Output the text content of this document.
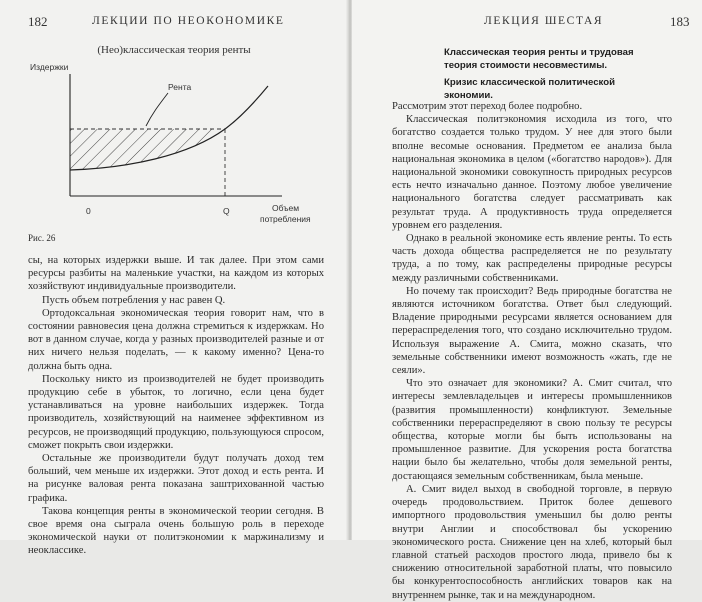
182	ЛЕКЦИИ ПО НЕОКОНОМИКЕ
(Нео)классическая теория ренты
Издержки
Рента
0	Q	Объем
потребления
Рис. 26

сы, на которых издержки выше. И так далее. При этом сами ресурсы разбиты на маленькие участки, на каждом из которых хозяйствуют индивидуальные производители.

Пусть объем потребления у нас равен Q.

Ортодоксальная экономическая теория говорит нам, что в состоянии равновесия цена должна стремиться к издержкам. Но вот в данном случае, когда у разных производителей разные и от них ничего нельзя поделать, — к какому именно? Цена-то должна быть одна.

Поскольку никто из производителей не будет производить продукцию себе в убыток, то логично, если цена будет устанавливаться на уровне наибольших издержек. Тогда производитель, хозяйствующий на наименее эффективном из ресурсов, не производящий продукцию, пользующуюся спросом, сможет покрыть свои издержки.

Остальные же производители будут получать доход тем больший, чем меньше их издержки. Этот доход и есть рента. И на рисунке валовая рента показана заштрихованной частью графика.

Такова концепция ренты в экономической теории сегодня. В свое время она сыграла очень большую роль в переходе экономической науки от политэкономии к маржинализму и неоклассике.

ЛЕКЦИЯ ШЕСТАЯ	183
Классическая теория ренты и трудовая теория стоимости несовместимы.
Кризис классической политической экономии.

Рассмотрим этот переход более подробно.

Классическая политэкономия исходила из того, что богатство создается только трудом. У нее для этого были вполне весомые основания. Предметом ее анализа была национальная экономика в целом («богатство народов»). Для национальной экономики совокупность природных ресурсов есть нечто изначально данное. Поэтому любое увеличение национального богатства следует рассматривать как результат труда. А продуктивность труда определяется уровнем его разделения.

Однако в реальной экономике есть явление ренты. То есть часть дохода общества распределяется не по результату труда, а по тому, как распределены природные ресурсы между различными собственниками.

Но почему так происходит? Ведь природные богатства не являются источником богатства. Ответ был следующий. Владение природными ресурсами является основанием для перераспределения того, что создано исключительно трудом. Используя выражение А. Смита, можно сказать, что земельные собственники имеют возможность «жать, где не сеяли».

Что это означает для экономики? А. Смит считал, что интересы землевладельцев и интересы промышленников (развития промышленности) конфликтуют. Земельные собственники перераспределяют в свою пользу те ресурсы общества, которые могли бы быть использованы на промышленное развитие. Для ускорения роста богатства нации было бы желательно, чтобы доля земельной ренты, достающаяся земельным собственникам, была меньше.

А. Смит видел выход в свободной торговле, в первую очередь продовольствием. Приток более дешевого импортного продовольствия уменьшил бы долю ренты внутри Англии и способствовал бы ускорению экономического роста. Снижение цен на хлеб, который был главной статьей расходов простого люда, привело бы к снижению относительной заработной платы, что повысило бы конкурентоспособность английских товаров как на внутреннем рынке, так и на международном.
